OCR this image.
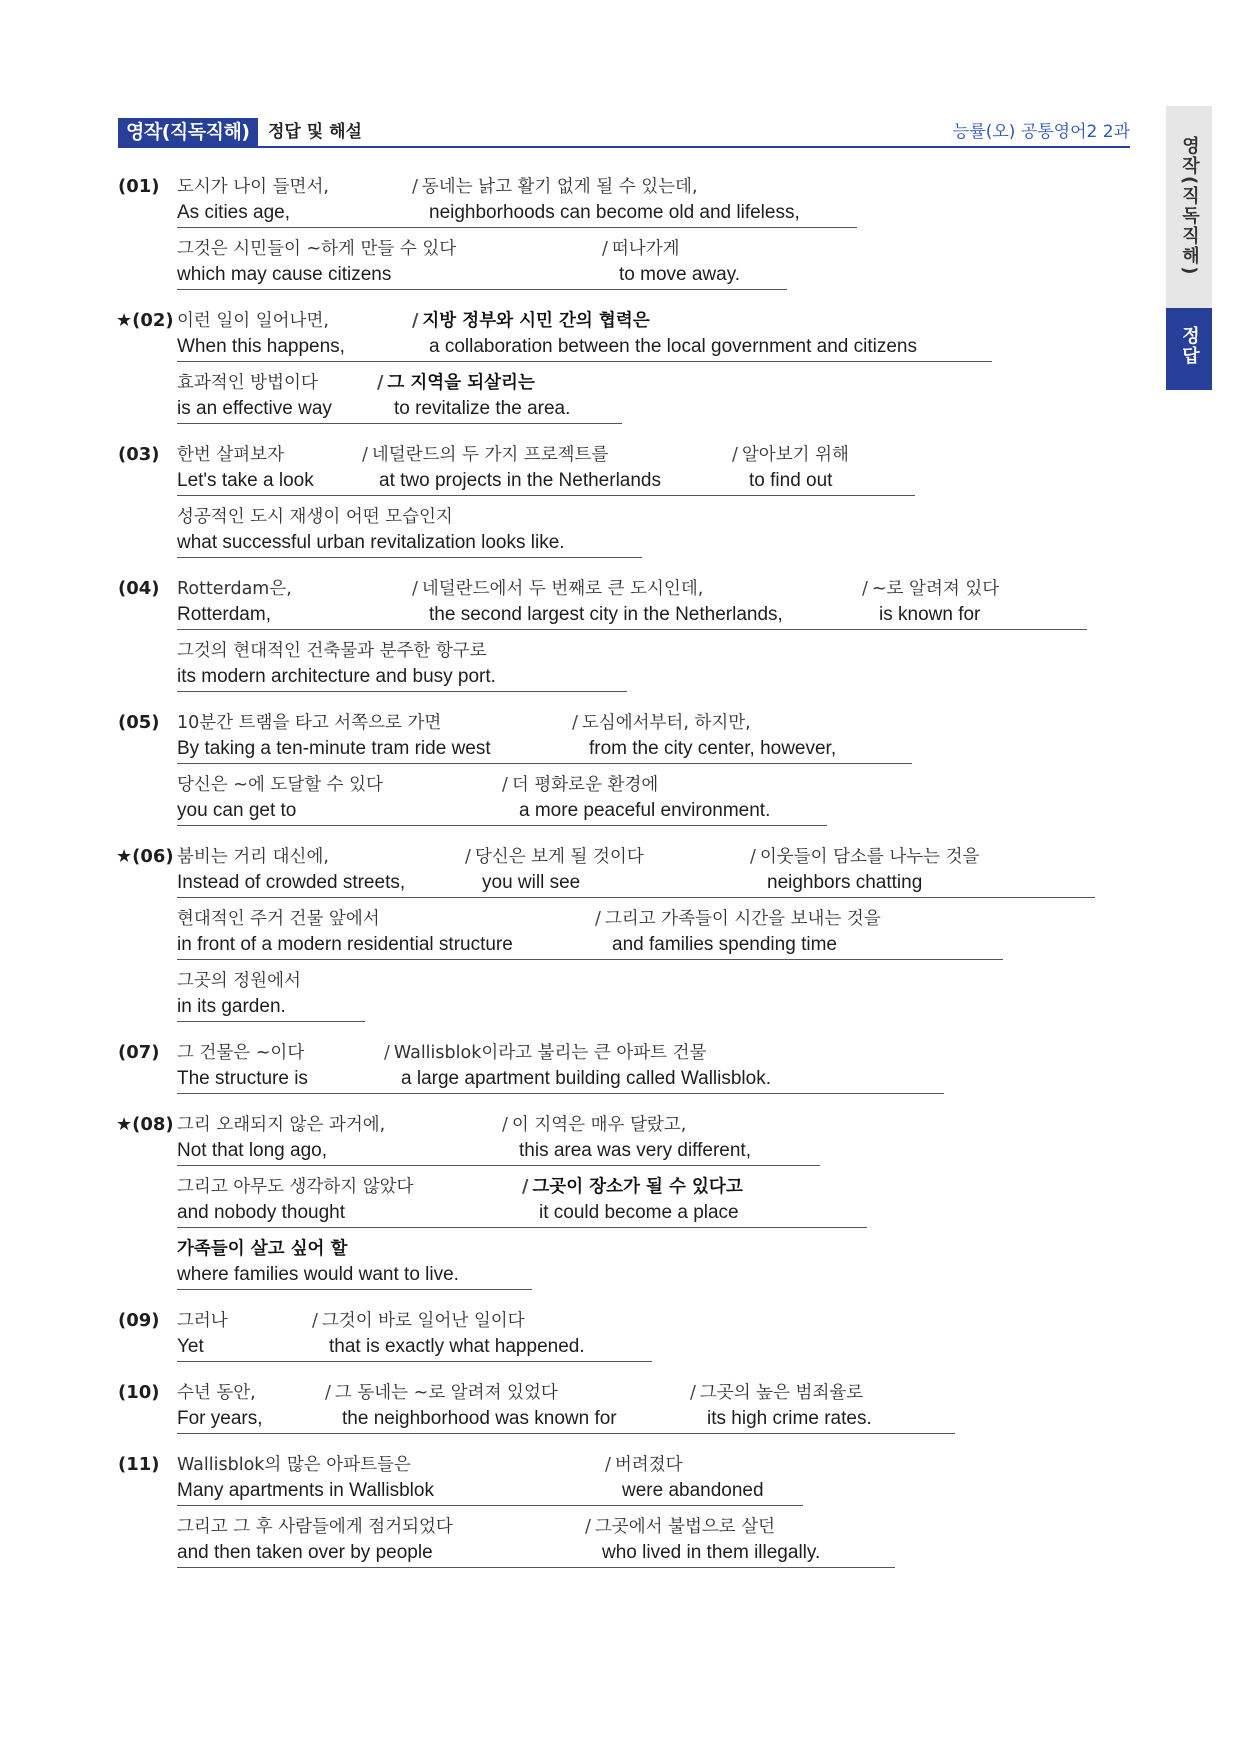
영작(직독직해)	정답 및 해설	능률(오) 공통영어2 2과
영작(직독직해)
정답
(01) 도시가 나이 들면서,
As cities age,
/ 동네는 낡고 활기 없게 될 수 있는데,
neighborhoods can become old and lifeless,
그것은 시민들이 ~하게 만들 수 있다
which may cause citizens
/ 떠나가게
to move away.
★(02) 이런 일이 일어나면,
When this happens,
/ 지방 정부와 시민 간의 협력은
a collaboration between the local government and citizens
효과적인 방법이다
is an effective way
/ 그 지역을 되살리는
to revitalize the area.
(03) 한번 살펴보자
Let's take a look
/ 네덜란드의 두 가지 프로젝트를
at two projects in the Netherlands
/ 알아보기 위해
to find out
성공적인 도시 재생이 어떤 모습인지
what successful urban revitalization looks like.
(04) Rotterdam은,
Rotterdam,
/ 네덜란드에서 두 번째로 큰 도시인데,
the second largest city in the Netherlands,
/ ~로 알려져 있다
is known for
그것의 현대적인 건축물과 분주한 항구로
its modern architecture and busy port.
(05) 10분간 트램을 타고 서쪽으로 가면
By taking a ten-minute tram ride west
/ 도심에서부터, 하지만,
from the city center, however,
당신은 ~에 도달할 수 있다
you can get to
/ 더 평화로운 환경에
a more peaceful environment.
★(06) 붐비는 거리 대신에,
Instead of crowded streets,
/ 당신은 보게 될 것이다
you will see
/ 이웃들이 담소를 나누는 것을
neighbors chatting
현대적인 주거 건물 앞에서
in front of a modern residential structure
/ 그리고 가족들이 시간을 보내는 것을
and families spending time
그곳의 정원에서
in its garden.
(07) 그 건물은 ~이다
The structure is
/ Wallisblok이라고 불리는 큰 아파트 건물
a large apartment building called Wallisblok.
★(08) 그리 오래되지 않은 과거에,
Not that long ago,
/ 이 지역은 매우 달랐고,
this area was very different,
그리고 아무도 생각하지 않았다
and nobody thought
/ 그곳이 장소가 될 수 있다고
it could become a place
가족들이 살고 싶어 할
where families would want to live.
(09) 그러나
Yet
/ 그것이 바로 일어난 일이다
that is exactly what happened.
(10) 수년 동안,
For years,
/ 그 동네는 ~로 알려져 있었다
the neighborhood was known for
/ 그곳의 높은 범죄율로
its high crime rates.
(11) Wallisblok의 많은 아파트들은
Many apartments in Wallisblok
/ 버려졌다
were abandoned
그리고 그 후 사람들에게 점거되었다
and then taken over by people
/ 그곳에서 불법으로 살던
who lived in them illegally.
